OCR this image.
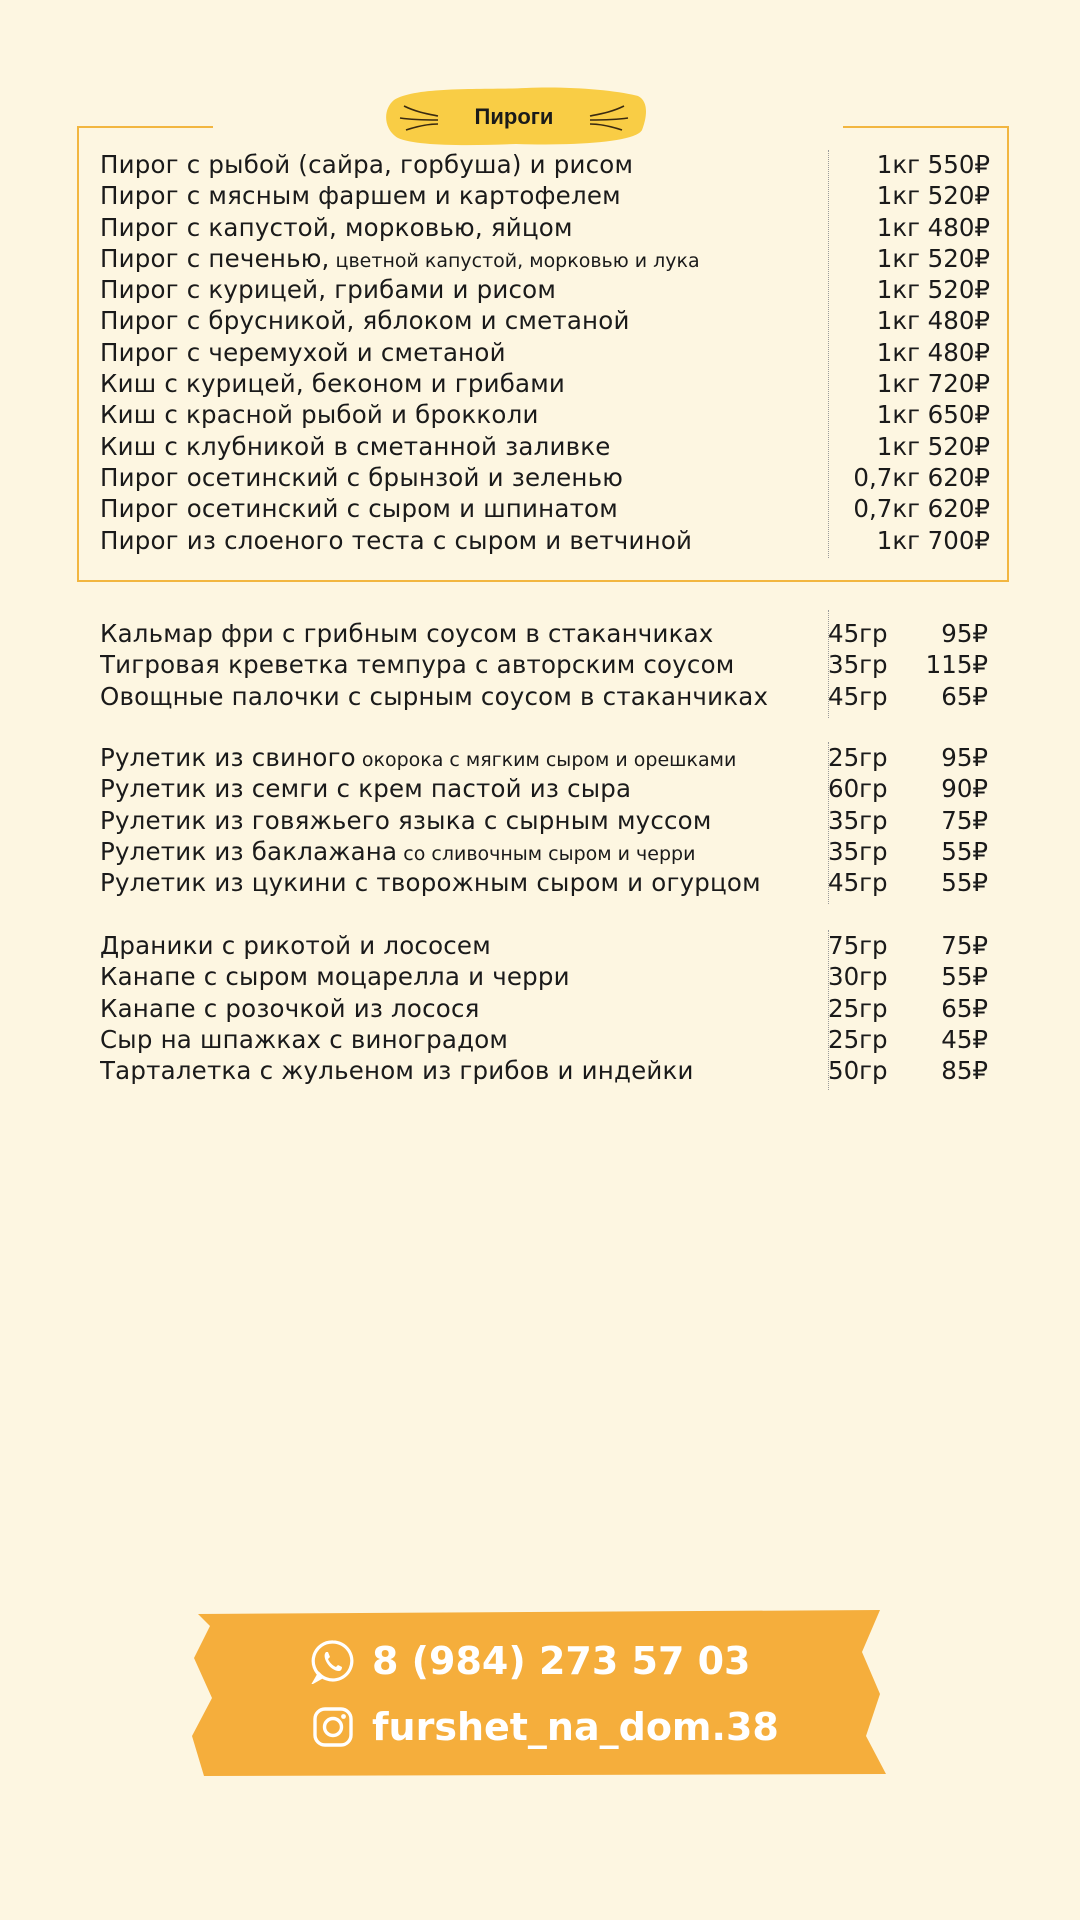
Пироги
Пирог с рыбой (сайра, горбуша) и рисом	1кг 550₽
Пирог с мясным фаршем и картофелем	1кг 520₽
Пирог с капустой, морковью, яйцом	1кг 480₽
Пирог с печенью, цветной капустой, морковью и лука	1кг 520₽
Пирог с курицей, грибами и рисом	1кг 520₽
Пирог с брусникой, яблоком и сметаной	1кг 480₽
Пирог с черемухой и сметаной	1кг 480₽
Киш с курицей, беконом и грибами	1кг 720₽
Киш с красной рыбой и брокколи	1кг 650₽
Киш с клубникой в сметанной заливке	1кг 520₽
Пирог осетинский с брынзой и зеленью	0,7кг 620₽
Пирог осетинский с сыром и шпинатом	0,7кг 620₽
Пирог из слоеного теста с сыром и ветчиной	1кг 700₽
Кальмар фри с грибным соусом в стаканчиках	45гр	95₽
Тигровая креветка темпура с авторским соусом	35гр	115₽
Овощные палочки с сырным соусом в стаканчиках	45гр	65₽
Рулетик из свиного окорока с мягким сыром и орешками	25гр	95₽
Рулетик из семги с крем пастой из сыра	60гр	90₽
Рулетик из говяжьего языка с сырным муссом	35гр	75₽
Рулетик из баклажана со сливочным сыром и черри	35гр	55₽
Рулетик из цукини с творожным сыром и огурцом	45гр	55₽
Драники с рикотой и лососем	75гр	75₽
Канапе с сыром моцарелла и черри	30гр	55₽
Канапе с розочкой из лосося	25гр	65₽
Сыр на шпажках с виноградом	25гр	45₽
Тарталетка с жульеном из грибов и индейки	50гр	85₽
8 (984) 273 57 03
furshet_na_dom.38
